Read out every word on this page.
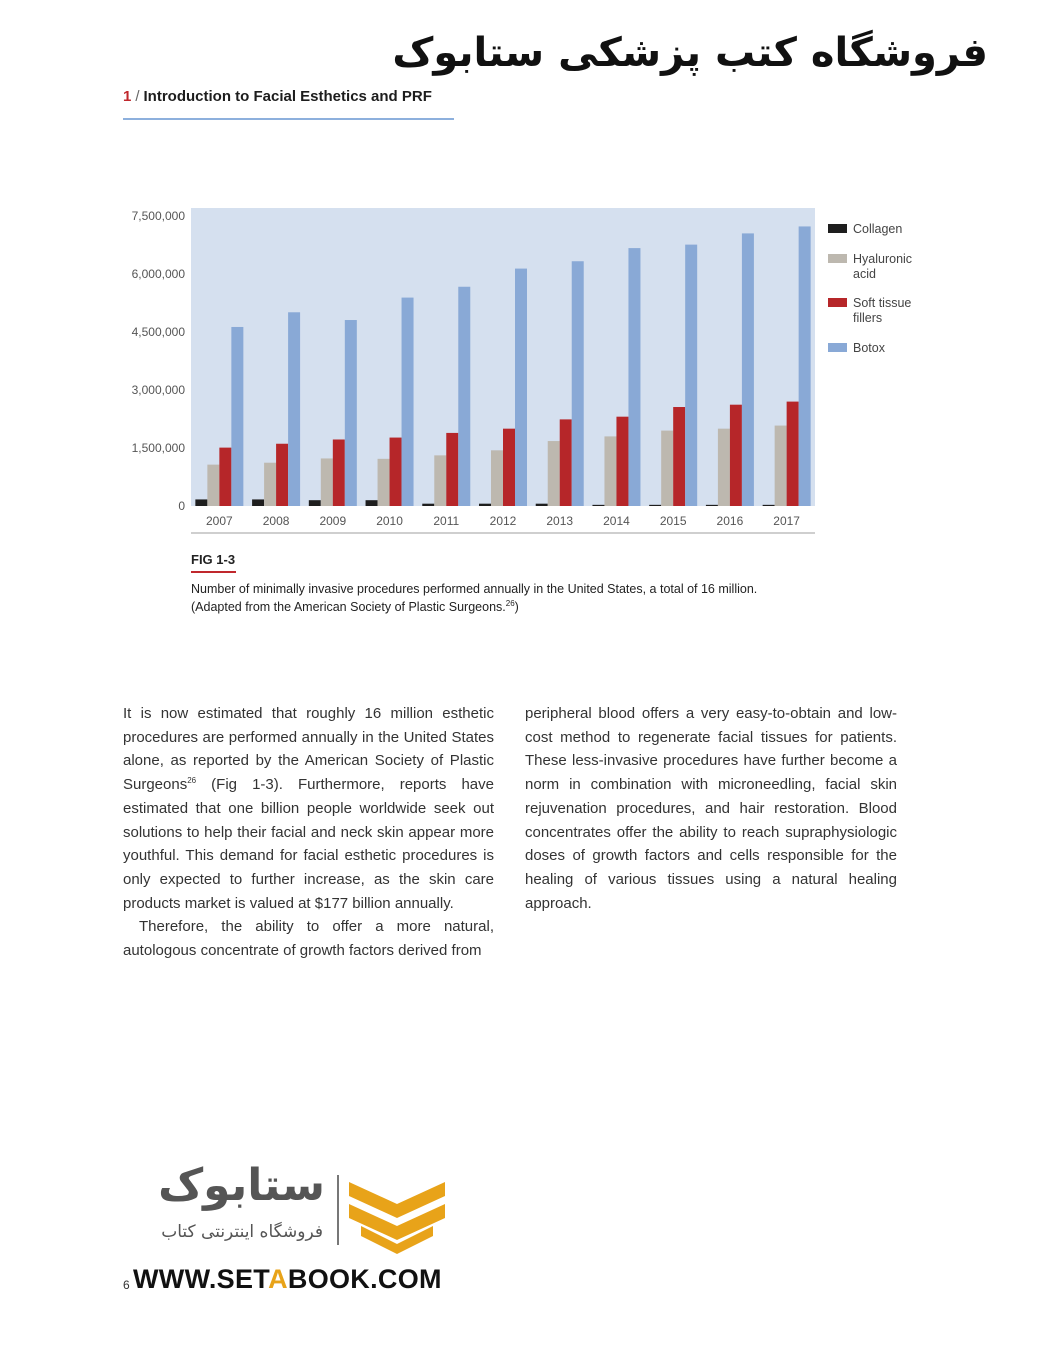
فروشگاه کتب پزشکی ستابوک
1 / Introduction to Facial Esthetics and PRF
7,500,000
6,000,000
4,500,000
3,000,000
1,500,000
0
2007	2008	2009	2010	2011	2012	2013	2014	2015	2016	2017
Collagen
Hyaluronic
acid
Soft tissue
fillers
Botox
FIG 1-3
Number of minimally invasive procedures performed annually in the United States, a total of 16 million.
(Adapted from the American Society of Plastic Surgeons.$^{26}$)

It is now estimated that roughly 16 million esthetic procedures are performed annually in the United States alone, as reported by the American Society of Plastic Surgeons$^{26}$ (Fig 1-3). Furthermore, reports have estimated that one billion people worldwide seek out solutions to help their facial and neck skin appear more youthful. This demand for facial esthetic procedures is only expected to further increase, as the skin care products market is valued at $177 billion annually.

Therefore, the ability to offer a more natural, autologous concentrate of growth factors derived from

peripheral blood offers a very easy-to-obtain and low-cost method to regenerate facial tissues for patients. These less-invasive procedures have further become a norm in combination with microneedling, facial skin rejuvenation procedures, and hair restoration. Blood concentrates offer the ability to reach supraphysiologic doses of growth factors and cells responsible for the healing of various tissues using a natural healing approach.

ستابوک
فروشگاه اینترنتی کتاب
6 WWW.SETABOOK.COM
